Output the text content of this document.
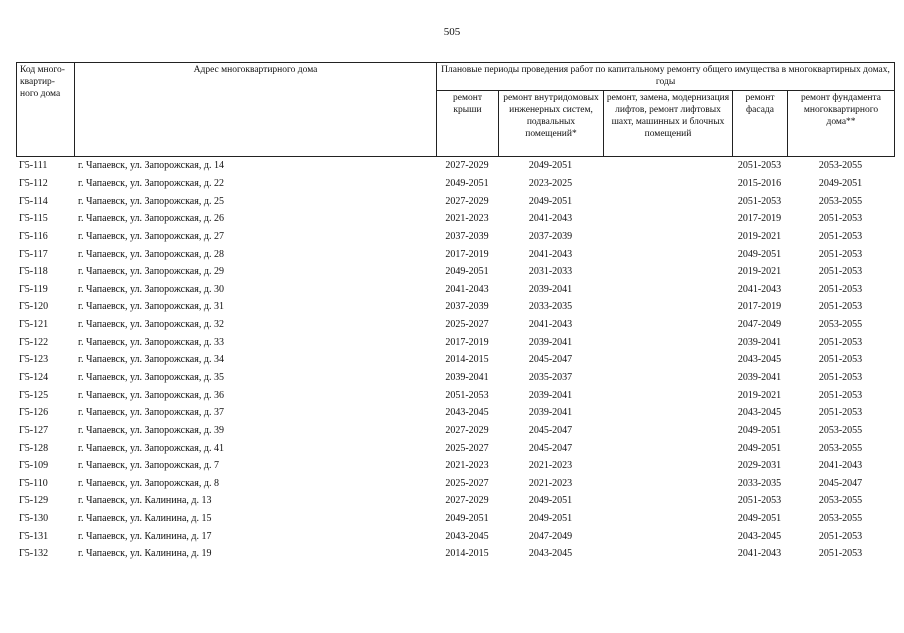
505
Код много-квартир-ного дома	Адрес многоквартирного дома	Плановые периоды проведения работ по капитальному ремонту общего имущества в многоквартирных домах, годы				
		ремонт крыши	ремонт внутридомовых инженерных систем, подвальных помещений*	ремонт, замена, модернизация лифтов, ремонт лифтовых шахт, машинных и блочных помещений	ремонт фасада	ремонт фундамента многоквартирного дома**
Г5-111	г. Чапаевск, ул. Запорожская, д. 14	2027-2029	2049-2051		2051-2053	2053-2055
Г5-112	г. Чапаевск, ул. Запорожская, д. 22	2049-2051	2023-2025		2015-2016	2049-2051
Г5-114	г. Чапаевск, ул. Запорожская, д. 25	2027-2029	2049-2051		2051-2053	2053-2055
Г5-115	г. Чапаевск, ул. Запорожская, д. 26	2021-2023	2041-2043		2017-2019	2051-2053
Г5-116	г. Чапаевск, ул. Запорожская, д. 27	2037-2039	2037-2039		2019-2021	2051-2053
Г5-117	г. Чапаевск, ул. Запорожская, д. 28	2017-2019	2041-2043		2049-2051	2051-2053
Г5-118	г. Чапаевск, ул. Запорожская, д. 29	2049-2051	2031-2033		2019-2021	2051-2053
Г5-119	г. Чапаевск, ул. Запорожская, д. 30	2041-2043	2039-2041		2041-2043	2051-2053
Г5-120	г. Чапаевск, ул. Запорожская, д. 31	2037-2039	2033-2035		2017-2019	2051-2053
Г5-121	г. Чапаевск, ул. Запорожская, д. 32	2025-2027	2041-2043		2047-2049	2053-2055
Г5-122	г. Чапаевск, ул. Запорожская, д. 33	2017-2019	2039-2041		2039-2041	2051-2053
Г5-123	г. Чапаевск, ул. Запорожская, д. 34	2014-2015	2045-2047		2043-2045	2051-2053
Г5-124	г. Чапаевск, ул. Запорожская, д. 35	2039-2041	2035-2037		2039-2041	2051-2053
Г5-125	г. Чапаевск, ул. Запорожская, д. 36	2051-2053	2039-2041		2019-2021	2051-2053
Г5-126	г. Чапаевск, ул. Запорожская, д. 37	2043-2045	2039-2041		2043-2045	2051-2053
Г5-127	г. Чапаевск, ул. Запорожская, д. 39	2027-2029	2045-2047		2049-2051	2053-2055
Г5-128	г. Чапаевск, ул. Запорожская, д. 41	2025-2027	2045-2047		2049-2051	2053-2055
Г5-109	г. Чапаевск, ул. Запорожская, д. 7	2021-2023	2021-2023		2029-2031	2041-2043
Г5-110	г. Чапаевск, ул. Запорожская, д. 8	2025-2027	2021-2023		2033-2035	2045-2047
Г5-129	г. Чапаевск, ул. Калинина, д. 13	2027-2029	2049-2051		2051-2053	2053-2055
Г5-130	г. Чапаевск, ул. Калинина, д. 15	2049-2051	2049-2051		2049-2051	2053-2055
Г5-131	г. Чапаевск, ул. Калинина, д. 17	2043-2045	2047-2049		2043-2045	2051-2053
Г5-132	г. Чапаевск, ул. Калинина, д. 19	2014-2015	2043-2045		2041-2043	2051-2053
